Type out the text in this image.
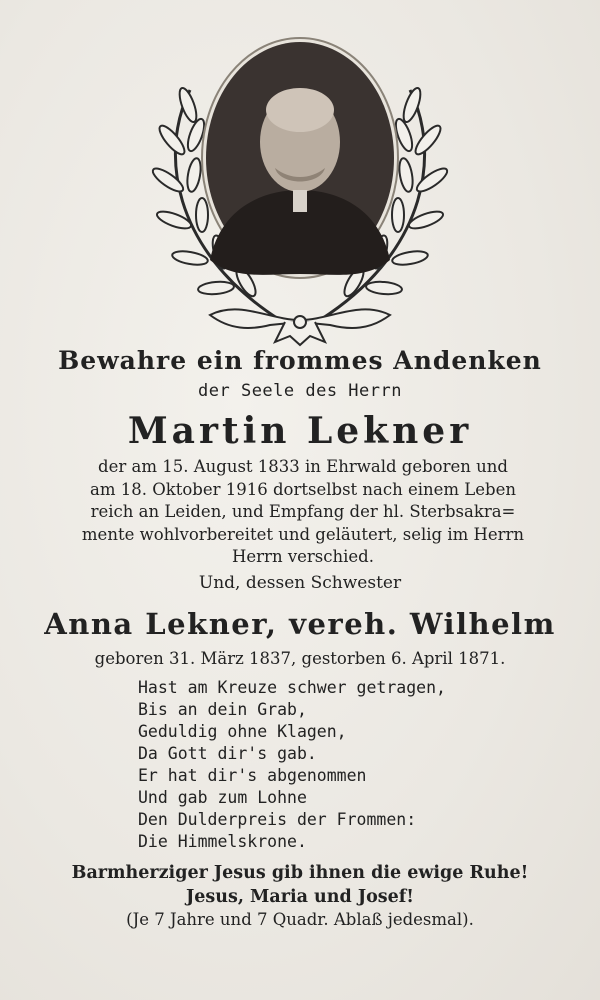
Bewahre ein frommes Andenken
der Seele des Herrn
Martin Lekner
der am 15. August 1833 in Ehrwald geboren und
am 18. Oktober 1916 dortselbst nach einem Leben
reich an Leiden, und Empfang der hl. Sterbsakra=
mente wohlvorbereitet und geläutert, selig im Herrn
Herrn verschied.
Und, dessen Schwester
Anna Lekner, vereh. Wilhelm
geboren 31. März 1837, gestorben 6. April 1871.
Hast am Kreuze schwer getragen,
Bis an dein Grab,
Geduldig ohne Klagen,
Da Gott dir's gab.
Er hat dir's abgenommen
Und gab zum Lohne
Den Dulderpreis der Frommen:
Die Himmelskrone.
Barmherziger Jesus gib ihnen die ewige Ruhe!
Jesus, Maria und Josef!
(Je 7 Jahre und 7 Quadr. Ablaß jedesmal).
